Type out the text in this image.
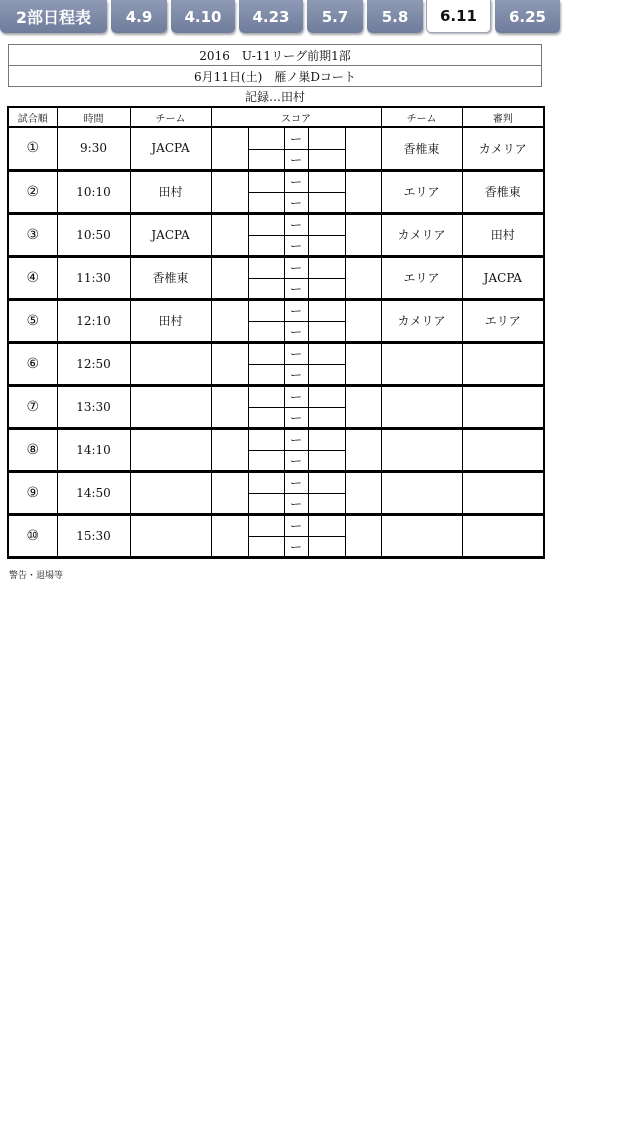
2部日程表	4.9	4.10	4.23	5.7	5.8	6.11	6.25
2016　U-11リーグ前期1部
6月11日(土)　雁ノ巣Dコート
記録…田村
試合順	時間	チーム	スコア					チーム	審判
①	9:30	JACPA			ー			香椎東	カメリア
					ー				
②	10:10	田村			ー			エリア	香椎東
					ー				
③	10:50	JACPA			ー			カメリア	田村
					ー				
④	11:30	香椎東			ー			エリア	JACPA
					ー				
⑤	12:10	田村			ー			カメリア	エリア
					ー				
⑥	12:50				ー				
					ー				
⑦	13:30				ー				
					ー				
⑧	14:10				ー				
					ー				
⑨	14:50				ー				
					ー				
⑩	15:30				ー				
					ー				
警告・退場等
